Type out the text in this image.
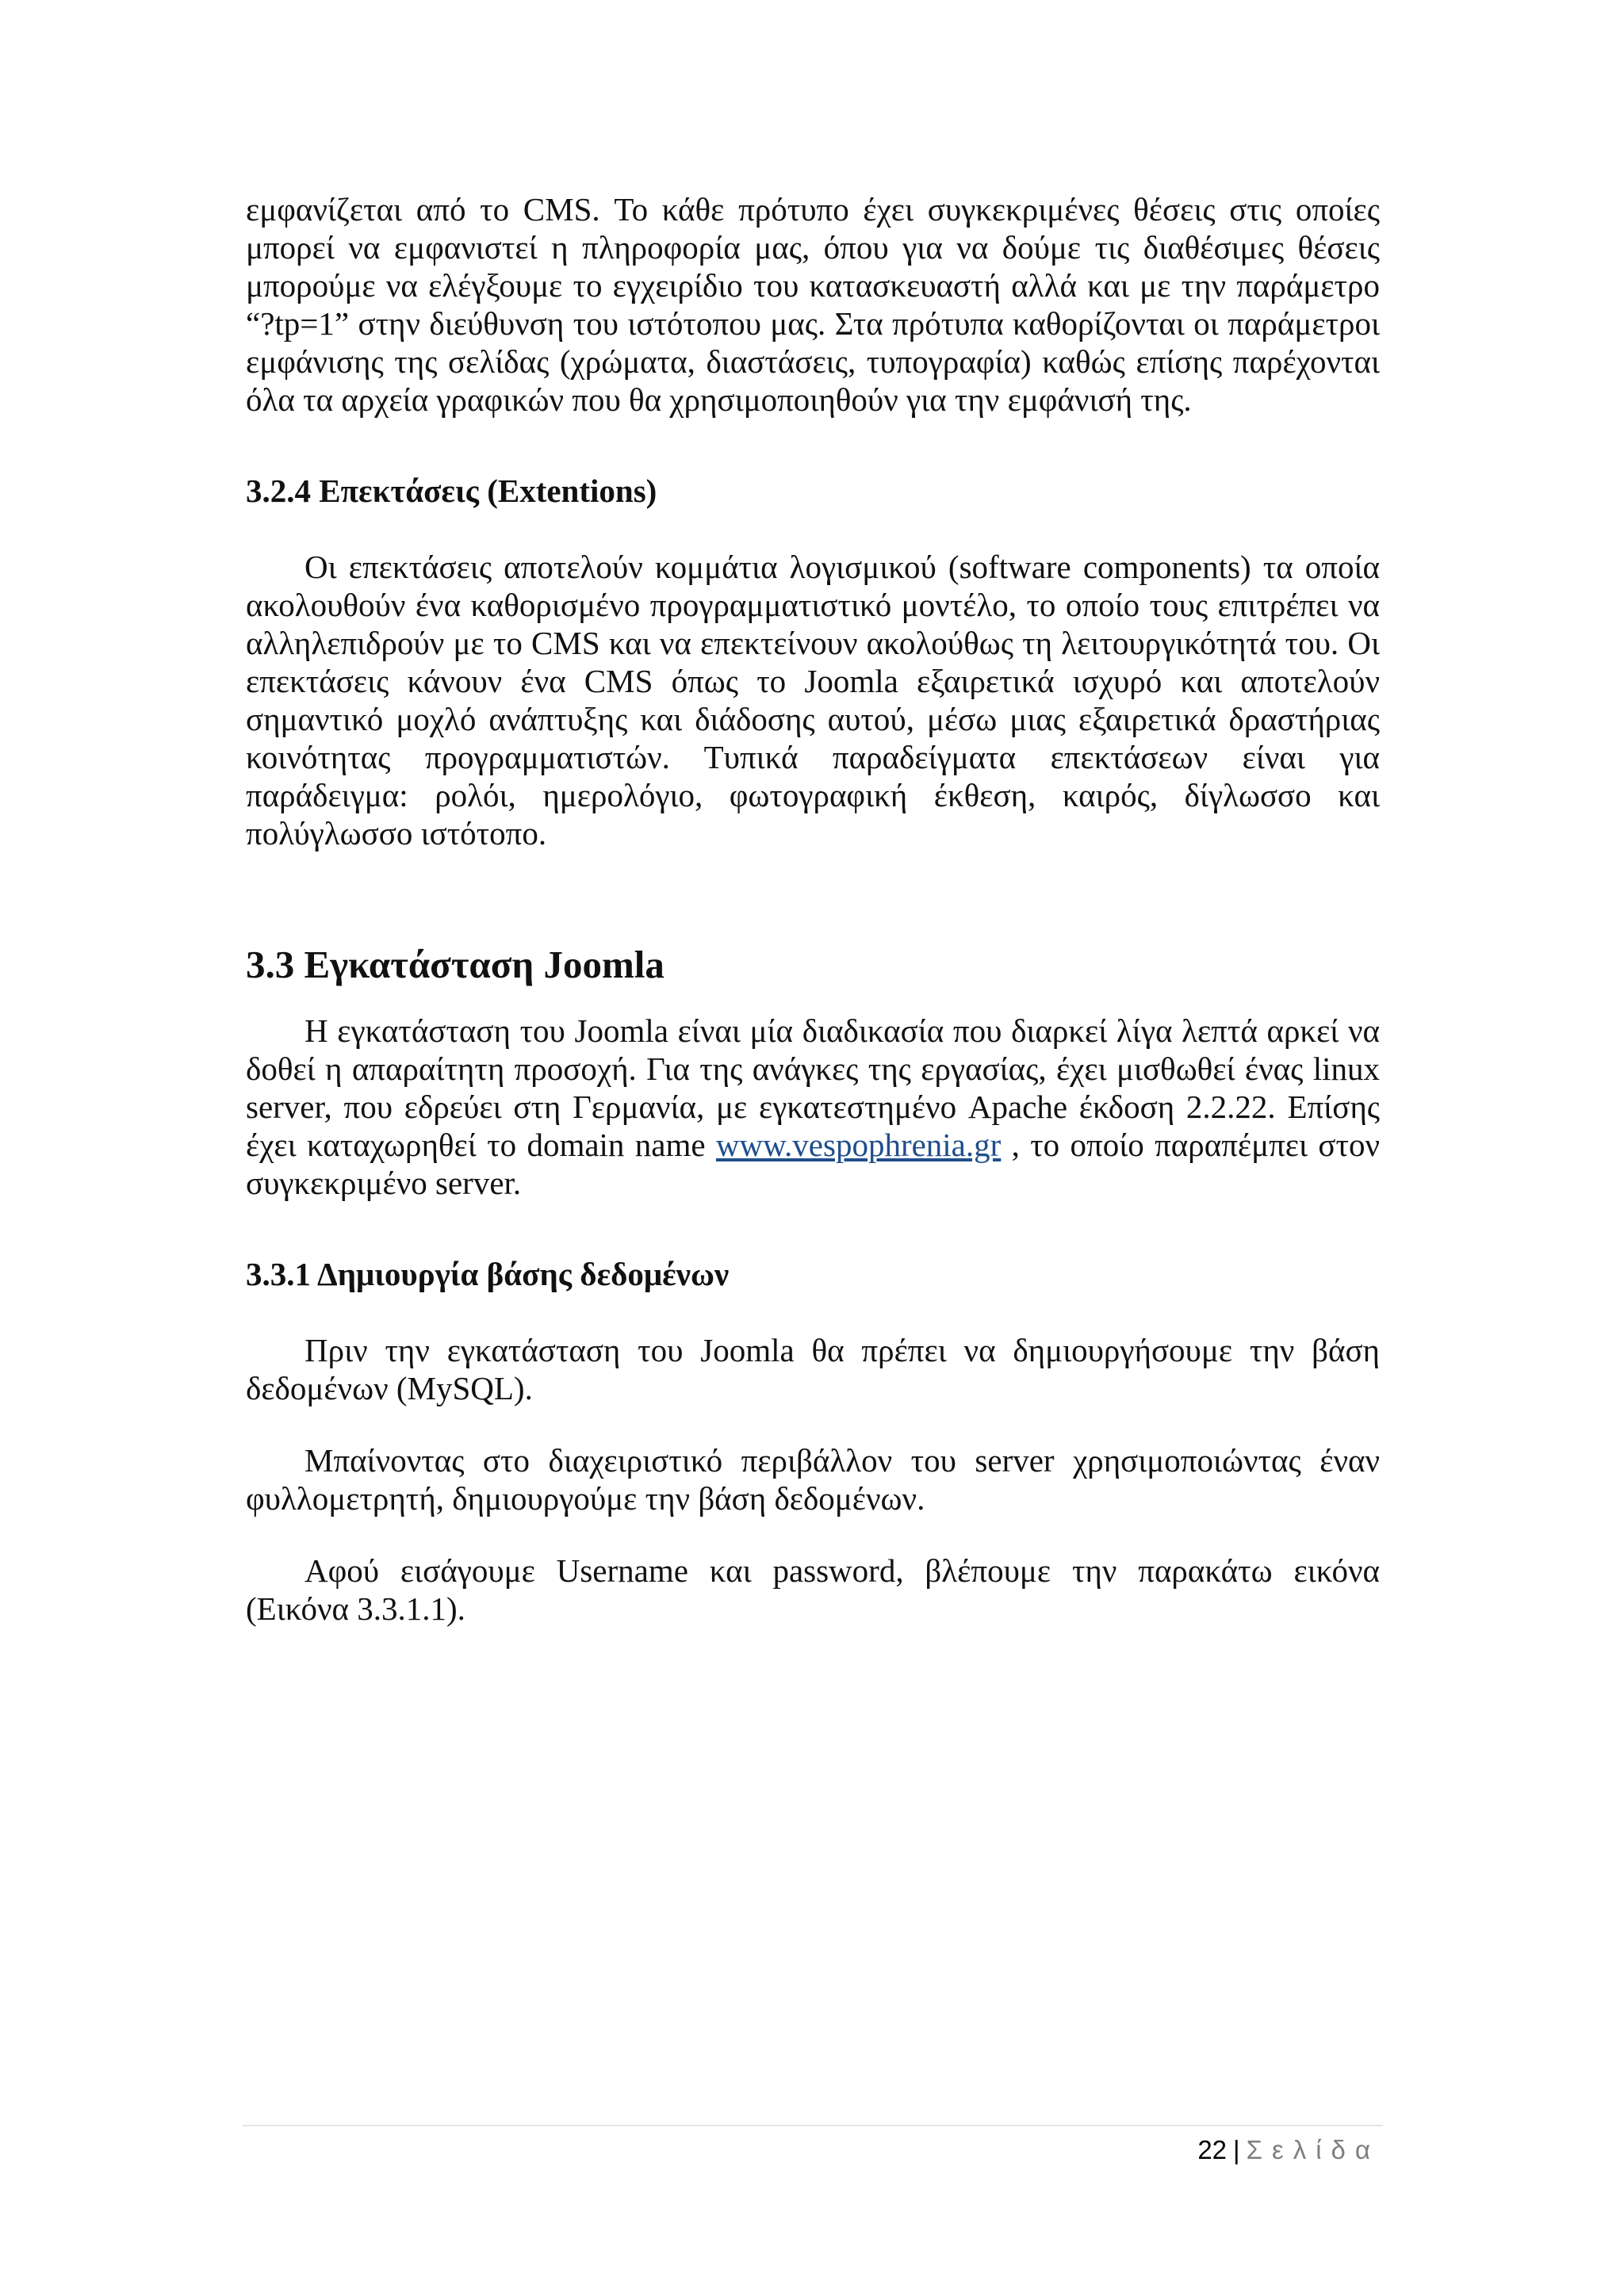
εμφανίζεται από το CMS. Το κάθε πρότυπο έχει συγκεκριμένες θέσεις στις οποίες μπορεί να εμφανιστεί η πληροφορία μας, όπου για να δούμε τις διαθέσιμες θέσεις μπορούμε να ελέγξουμε το εγχειρίδιο του κατασκευαστή αλλά και με την παράμετρο “?tp=1” στην διεύθυνση του ιστότοπου μας. Στα πρότυπα καθορίζονται οι παράμετροι εμφάνισης της σελίδας (χρώματα, διαστάσεις, τυπογραφία) καθώς επίσης παρέχονται όλα τα αρχεία γραφικών που θα χρησιμοποιηθούν για την εμφάνισή της.

3.2.4 Επεκτάσεις (Extentions)

Οι επεκτάσεις αποτελούν κομμάτια λογισμικού (software components) τα οποία ακολουθούν ένα καθορισμένο προγραμματιστικό μοντέλο, το οποίο τους επιτρέπει να αλληλεπιδρούν με το CMS και να επεκτείνουν ακολούθως τη λειτουργικότητά του. Οι επεκτάσεις κάνουν ένα CMS όπως το Joomla εξαιρετικά ισχυρό και αποτελούν σημαντικό μοχλό ανάπτυξης και διάδοσης αυτού, μέσω μιας εξαιρετικά δραστήριας κοινότητας προγραμματιστών. Τυπικά παραδείγματα επεκτάσεων είναι για παράδειγμα: ρολόι, ημερολόγιο, φωτογραφική έκθεση, καιρός, δίγλωσσο και πολύγλωσσο ιστότοπο.

3.3 Εγκατάσταση Joomla

Η εγκατάσταση του Joomla είναι μία διαδικασία που διαρκεί λίγα λεπτά αρκεί να δοθεί η απαραίτητη προσοχή. Για της ανάγκες της εργασίας, έχει μισθωθεί ένας linux server, που εδρεύει στη Γερμανία, με εγκατεστημένο Apache έκδοση 2.2.22. Επίσης έχει καταχωρηθεί το domain name www.vespophrenia.gr , το οποίο παραπέμπει στον συγκεκριμένο server.

3.3.1 Δημιουργία βάσης δεδομένων

Πριν την εγκατάσταση του Joomla θα πρέπει να δημιουργήσουμε την βάση δεδομένων (MySQL).

Μπαίνοντας στο διαχειριστικό περιβάλλον του server χρησιμοποιώντας έναν φυλλομετρητή, δημιουργούμε την βάση δεδομένων.

Αφού εισάγουμε Username και password, βλέπουμε την παρακάτω εικόνα (Εικόνα 3.3.1.1).

22 | Σελίδα
